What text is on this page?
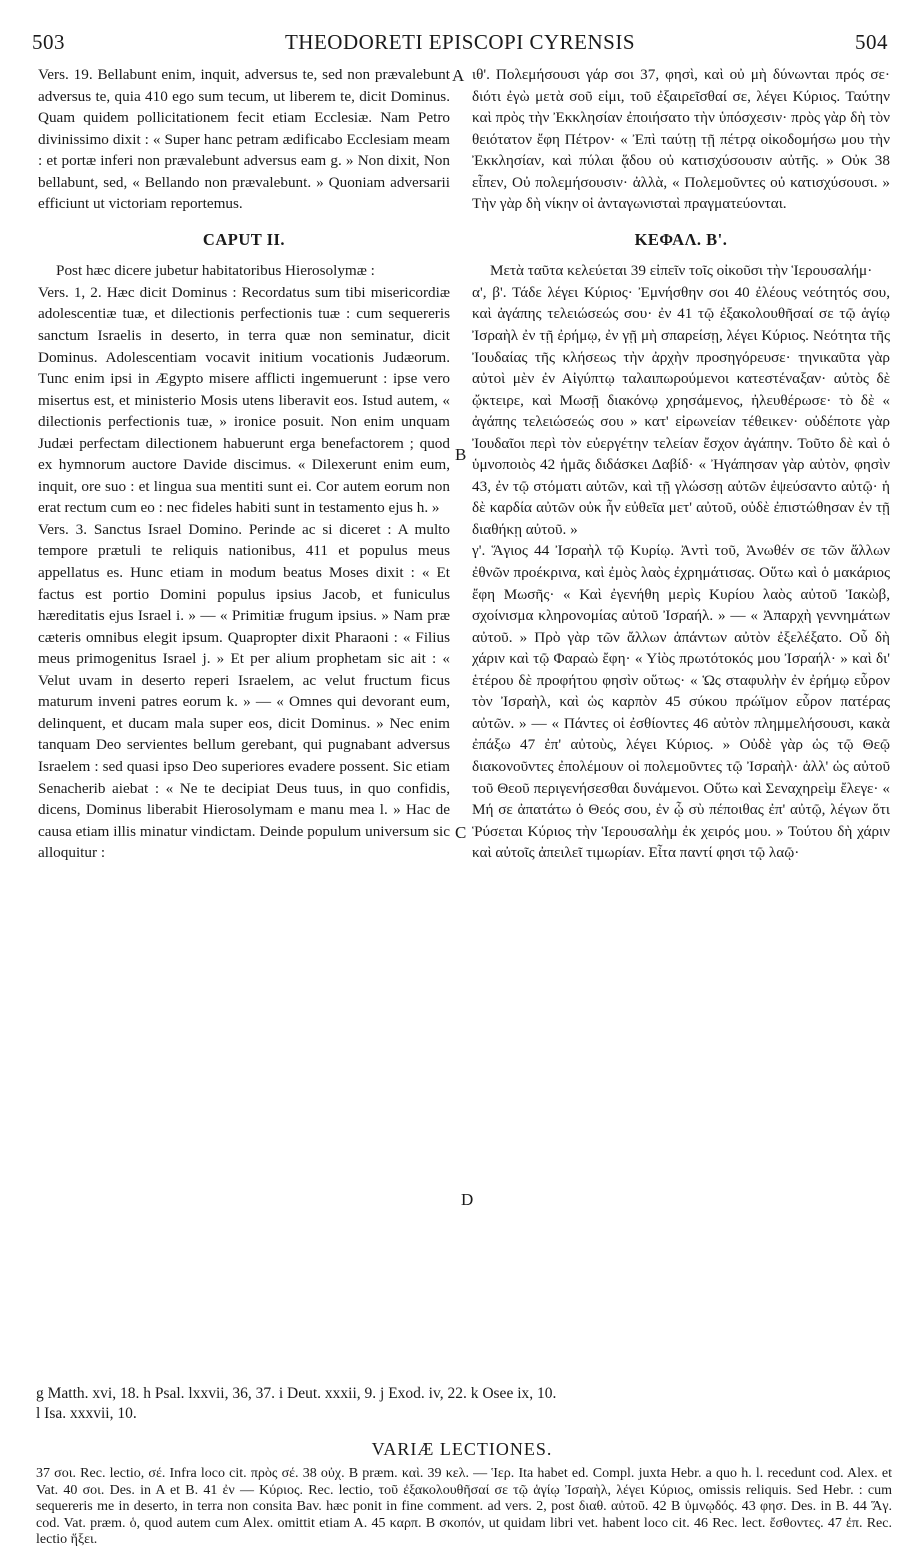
503	THEODORETI EPISCOPI CYRENSIS	504
A
B
C
D

Vers. 19. Bellabunt enim, inquit, adversus te, sed non prævalebunt adversus te, quia 410 ego sum tecum, ut liberem te, dicit Dominus. Quam quidem pollicitationem fecit etiam Ecclesiæ. Nam Petro divinissimo dixit : « Super hanc petram ædificabo Ecclesiam meam : et portæ inferi non prævalebunt adversus eam g. » Non dixit, Non bellabunt, sed, « Bellando non prævalebunt. » Quoniam adversarii efficiunt ut victoriam reportemus.

CAPUT II.

Post hæc dicere jubetur habitatoribus Hierosolymæ :

Vers. 1, 2. Hæc dicit Dominus : Recordatus sum tibi misericordiæ adolescentiæ tuæ, et dilectionis perfectionis tuæ : cum sequereris sanctum Israelis in deserto, in terra quæ non seminatur, dicit Dominus. Adolescentiam vocavit initium vocationis Judæorum. Tunc enim ipsi in Ægypto misere afflicti ingemuerunt : ipse vero misertus est, et ministerio Mosis utens liberavit eos. Istud autem, « dilectionis perfectionis tuæ, » ironice posuit. Non enim unquam Judæi perfectam dilectionem habuerunt erga benefactorem ; quod ex hymnorum auctore Davide discimus. « Dilexerunt enim eum, inquit, ore suo : et lingua sua mentiti sunt ei. Cor autem eorum non erat rectum cum eo : nec fideles habiti sunt in testamento ejus h. »

Vers. 3. Sanctus Israel Domino. Perinde ac si diceret : A multo tempore prætuli te reliquis nationibus, 411 et populus meus appellatus es. Hunc etiam in modum beatus Moses dixit : « Et factus est portio Domini populus ipsius Jacob, et funiculus hæreditatis ejus Israel i. » — « Primitiæ frugum ipsius. » Nam præ cæteris omnibus elegit ipsum. Quapropter dixit Pharaoni : « Filius meus primogenitus Israel j. » Et per alium prophetam sic ait : « Velut uvam in deserto reperi Israelem, ac velut fructum ficus maturum inveni patres eorum k. » — « Omnes qui devorant eum, delinquent, et ducam mala super eos, dicit Dominus. » Nec enim tanquam Deo servientes bellum gerebant, qui pugnabant adversus Israelem : sed quasi ipso Deo superiores evadere possent. Sic etiam Senacherib aiebat : « Ne te decipiat Deus tuus, in quo confidis, dicens, Dominus liberabit Hierosolymam e manu mea l. » Hac de causa etiam illis minatur vindictam. Deinde populum universum sic alloquitur :

ιθ'. Πολεμήσουσι γάρ σοι 37, φησὶ, καὶ οὐ μὴ δύνωνται πρός σε· διότι ἐγὼ μετὰ σοῦ εἰμι, τοῦ ἐξαιρεῖσθαί σε, λέγει Κύριος. Ταύτην καὶ πρὸς τὴν Ἐκκλησίαν ἐποιήσατο τὴν ὑπόσχεσιν· πρὸς γὰρ δὴ τὸν θειότατον ἔφη Πέτρον· « Ἐπὶ ταύτῃ τῇ πέτρᾳ οἰκοδομήσω μου τὴν Ἐκκλησίαν, καὶ πύλαι ᾅδου οὐ κατισχύσουσιν αὐτῆς. » Οὐκ 38 εἶπεν, Οὐ πολεμήσουσιν· ἀλλὰ, « Πολεμοῦντες οὐ κατισχύσουσι. » Τὴν γὰρ δὴ νίκην οἱ ἀνταγωνισταὶ πραγματεύονται.

ΚΕΦΑΛ. Β'.

Μετὰ ταῦτα κελεύεται 39 εἰπεῖν τοῖς οἰκοῦσι τὴν Ἱερουσαλήμ·

α', β'. Τάδε λέγει Κύριος· Ἐμνήσθην σοι 40 ἐλέους νεότητός σου, καὶ ἀγάπης τελειώσεώς σου· ἐν 41 τῷ ἐξακολουθῆσαί σε τῷ ἁγίῳ Ἰσραὴλ ἐν τῇ ἐρήμῳ, ἐν γῇ μὴ σπαρείσῃ, λέγει Κύριος. Νεότητα τῆς Ἰουδαίας τῆς κλήσεως τὴν ἀρχὴν προσηγόρευσε· τηνικαῦτα γὰρ αὐτοὶ μὲν ἐν Αἰγύπτῳ ταλαιπωρούμενοι κατεστέναξαν· αὐτὸς δὲ ᾤκτειρε, καὶ Μωσῇ διακόνῳ χρησάμενος, ἠλευθέρωσε· τὸ δὲ « ἀγάπης τελειώσεώς σου » κατ' εἰρωνείαν τέθεικεν· οὐδέποτε γὰρ Ἰουδαῖοι περὶ τὸν εὐεργέτην τελείαν ἔσχον ἀγάπην. Τοῦτο δὲ καὶ ὁ ὑμνοποιὸς 42 ἡμᾶς διδάσκει Δαβίδ· « Ἠγάπησαν γὰρ αὐτὸν, φησὶν 43, ἐν τῷ στόματι αὐτῶν, καὶ τῇ γλώσσῃ αὐτῶν ἐψεύσαντο αὐτῷ· ἡ δὲ καρδία αὐτῶν οὐκ ἦν εὐθεῖα μετ' αὐτοῦ, οὐδὲ ἐπιστώθησαν ἐν τῇ διαθήκῃ αὐτοῦ. »

γ'. Ἅγιος 44 Ἰσραὴλ τῷ Κυρίῳ. Ἀντὶ τοῦ, Ἀνωθέν σε τῶν ἄλλων ἐθνῶν προέκρινα, καὶ ἐμὸς λαὸς ἐχρημάτισας. Οὕτω καὶ ὁ μακάριος ἔφη Μωσῆς· « Καὶ ἐγενήθη μερὶς Κυρίου λαὸς αὐτοῦ Ἰακὼβ, σχοίνισμα κληρονομίας αὐτοῦ Ἰσραήλ. » — « Ἀπαρχὴ γεννημάτων αὐτοῦ. » Πρὸ γὰρ τῶν ἄλλων ἁπάντων αὐτὸν ἐξελέξατο. Οὗ δὴ χάριν καὶ τῷ Φαραὼ ἔφη· « Υἱὸς πρωτότοκός μου Ἰσραήλ· » καὶ δι' ἑτέρου δὲ προφήτου φησὶν οὕτως· « Ὡς σταφυλὴν ἐν ἐρήμῳ εὗρον τὸν Ἰσραὴλ, καὶ ὡς καρπὸν 45 σύκου πρώϊμον εὗρον πατέρας αὐτῶν. » — « Πάντες οἱ ἐσθίοντες 46 αὐτὸν πλημμελήσουσι, κακὰ ἐπάξω 47 ἐπ' αὐτοὺς, λέγει Κύριος. » Οὐδὲ γὰρ ὡς τῷ Θεῷ διακονοῦντες ἐπολέμουν οἱ πολεμοῦντες τῷ Ἰσραὴλ· ἀλλ' ὡς αὐτοῦ τοῦ Θεοῦ περιγενήσεσθαι δυνάμενοι. Οὕτω καὶ Σεναχηρεὶμ ἔλεγε· « Μή σε ἀπατάτω ὁ Θεός σου, ἐν ᾧ σὺ πέποιθας ἐπ' αὐτῷ, λέγων ὅτι Ῥύσεται Κύριος τὴν Ἱερουσαλὴμ ἐκ χειρός μου. » Τούτου δὴ χάριν καὶ αὐτοῖς ἀπειλεῖ τιμωρίαν. Εἶτα παντί φησι τῷ λαῷ·

g Matth. xvi, 18. h Psal. lxxvii, 36, 37. i Deut. xxxii, 9. j Exod. iv, 22. k Osee ix, 10.

l Isa. xxxvii, 10.

VARIÆ LECTIONES.

37 σοι. Rec. lectio, σέ. Infra loco cit. πρὸς σέ. 38 οὐχ. B præm. καὶ. 39 κελ. — Ἱερ. Ita habet ed. Compl. juxta Hebr. a quo h. l. recedunt cod. Alex. et Vat. 40 σοι. Des. in A et B. 41 ἐν — Κύριος. Rec. lectio, τοῦ ἐξακολουθῆσαί σε τῷ ἁγίῳ Ἰσραὴλ, λέγει Κύριος, omissis reliquis. Sed Hebr. : cum sequereris me in deserto, in terra non consita Bav. hæc ponit in fine comment. ad vers. 2, post διαθ. αὐτοῦ. 42 B ὑμνῳδός. 43 φησ. Des. in B. 44 Ἅγ. cod. Vat. præm. ὁ, quod autem cum Alex. omittit etiam A. 45 καρπ. B σκοπόν, ut quidam libri vet. habent loco cit. 46 Rec. lect. ἔσθοντες. 47 ἐπ. Rec. lectio ἥξει.
